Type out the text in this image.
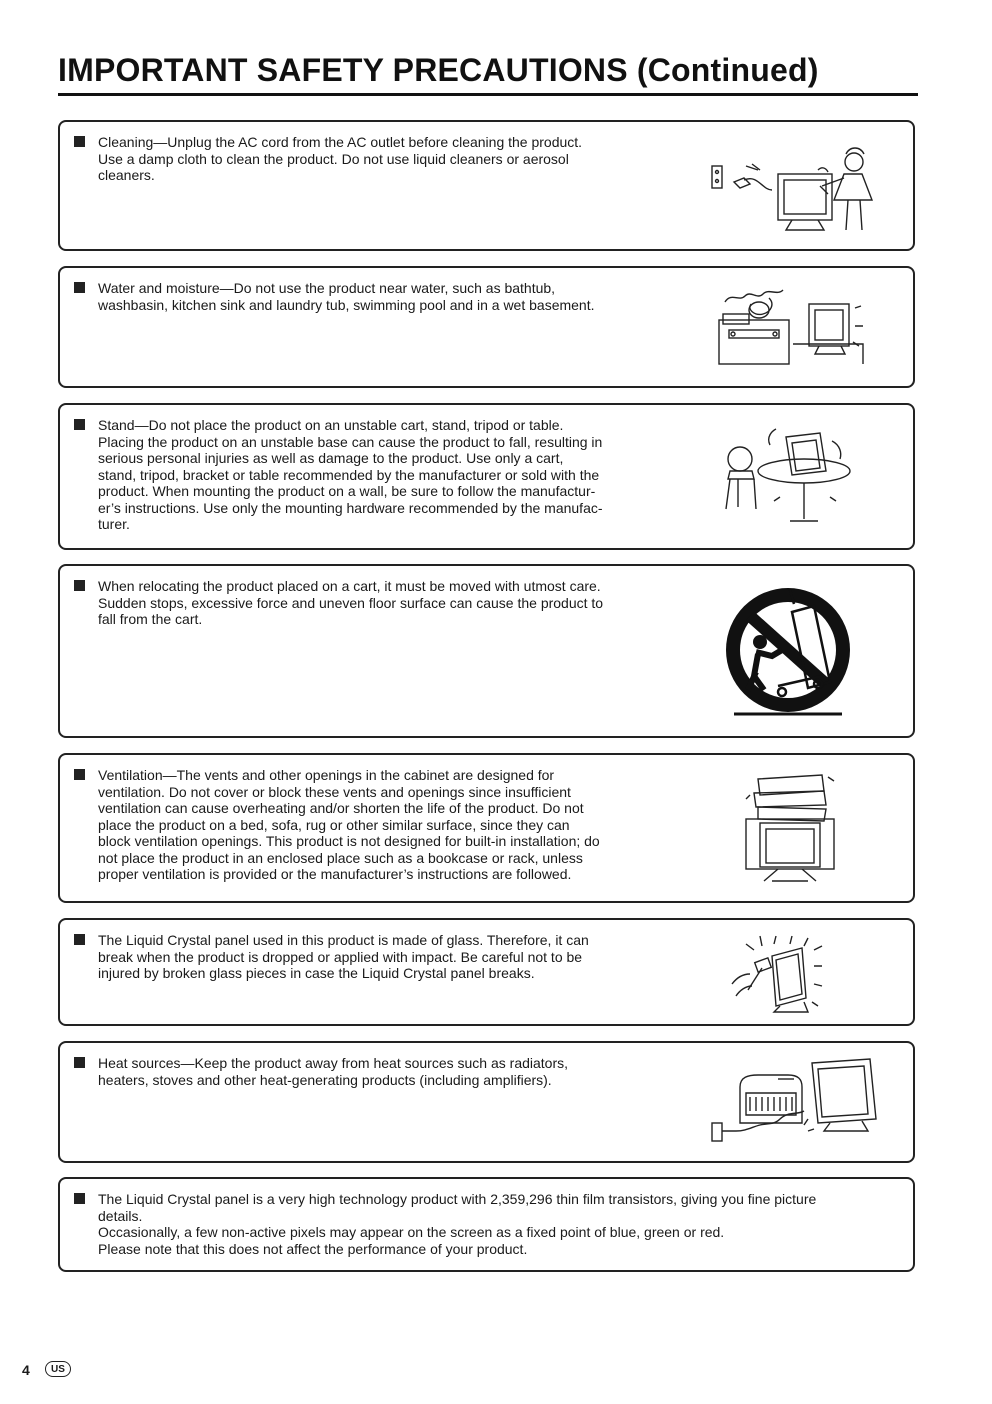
IMPORTANT SAFETY PRECAUTIONS (Continued)
Cleaning—Unplug the AC cord from the AC outlet before cleaning the product.
Use a damp cloth to clean the product. Do not use liquid cleaners or aerosol
cleaners.
Water and moisture—Do not use the product near water, such as bathtub,
washbasin, kitchen sink and laundry tub, swimming pool and in a wet basement.
Stand—Do not place the product on an unstable cart, stand, tripod or table.
Placing the product on an unstable base can cause the product to fall, resulting in
serious personal injuries as well as damage to the product. Use only a cart,
stand, tripod, bracket or table recommended by the manufacturer or sold with the
product. When mounting the product on a wall, be sure to follow the manufactur-
er’s instructions. Use only the mounting hardware recommended by the manufac-
turer.
When relocating the product placed on a cart, it must be moved with utmost care.
Sudden stops, excessive force and uneven floor surface can cause the product to
fall from the cart.
Ventilation—The vents and other openings in the cabinet are designed for
ventilation. Do not cover or block these vents and openings since insufficient
ventilation can cause overheating and/or shorten the life of the product. Do not
place the product on a bed, sofa, rug or other similar surface, since they can
block ventilation openings. This product is not designed for built-in installation; do
not place the product in an enclosed place such as a bookcase or rack, unless
proper ventilation is provided or the manufacturer’s instructions are followed.
The Liquid Crystal panel used in this product is made of glass. Therefore, it can
break when the product is dropped or applied with impact. Be careful not to be
injured by broken glass pieces in case the Liquid Crystal panel breaks.
Heat sources—Keep the product away from heat sources such as radiators,
heaters, stoves and other heat-generating products (including amplifiers).
The Liquid Crystal panel is a very high technology product with 2,359,296 thin film transistors, giving you fine picture
details.
Occasionally, a few non-active pixels may appear on the screen as a fixed point of blue, green or red.
Please note that this does not affect the performance of your product.
4	US
